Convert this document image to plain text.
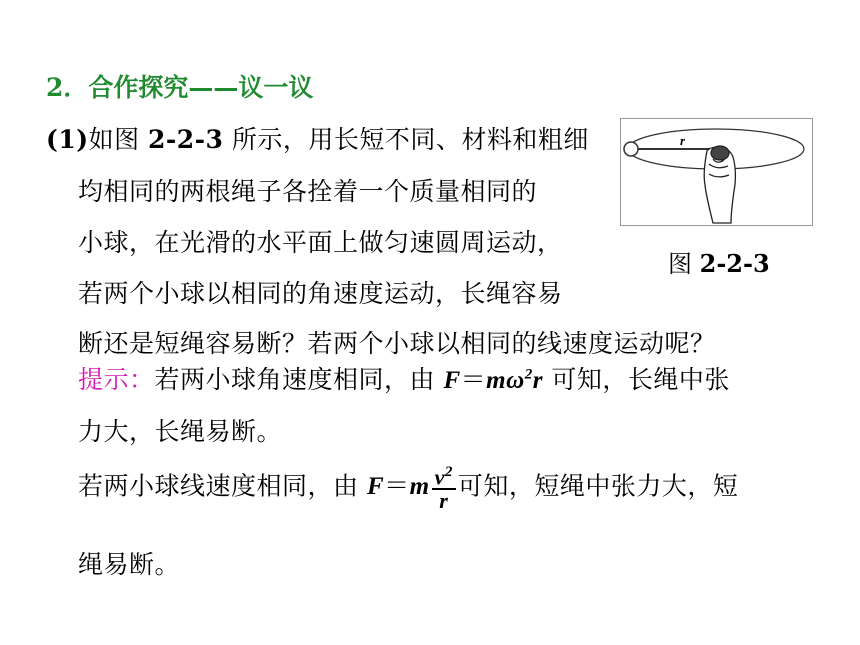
2．合作探究——议一议
(1)如图 2-2-3 所示，用长短不同、材料和粗细
均相同的两根绳子各拴着一个质量相同的
小球，在光滑的水平面上做匀速圆周运动，
若两个小球以相同的角速度运动，长绳容易
断还是短绳容易断？若两个小球以相同的线速度运动呢？
r
图 2-2-3
提示：若两小球角速度相同，由 $F=m\omega^2r$ 可知，长绳中张
力大，长绳易断。
若两小球线速度相同，由 $F=m \frac{v^2}{r}$ 可知，短绳中张力大，短
绳易断。
